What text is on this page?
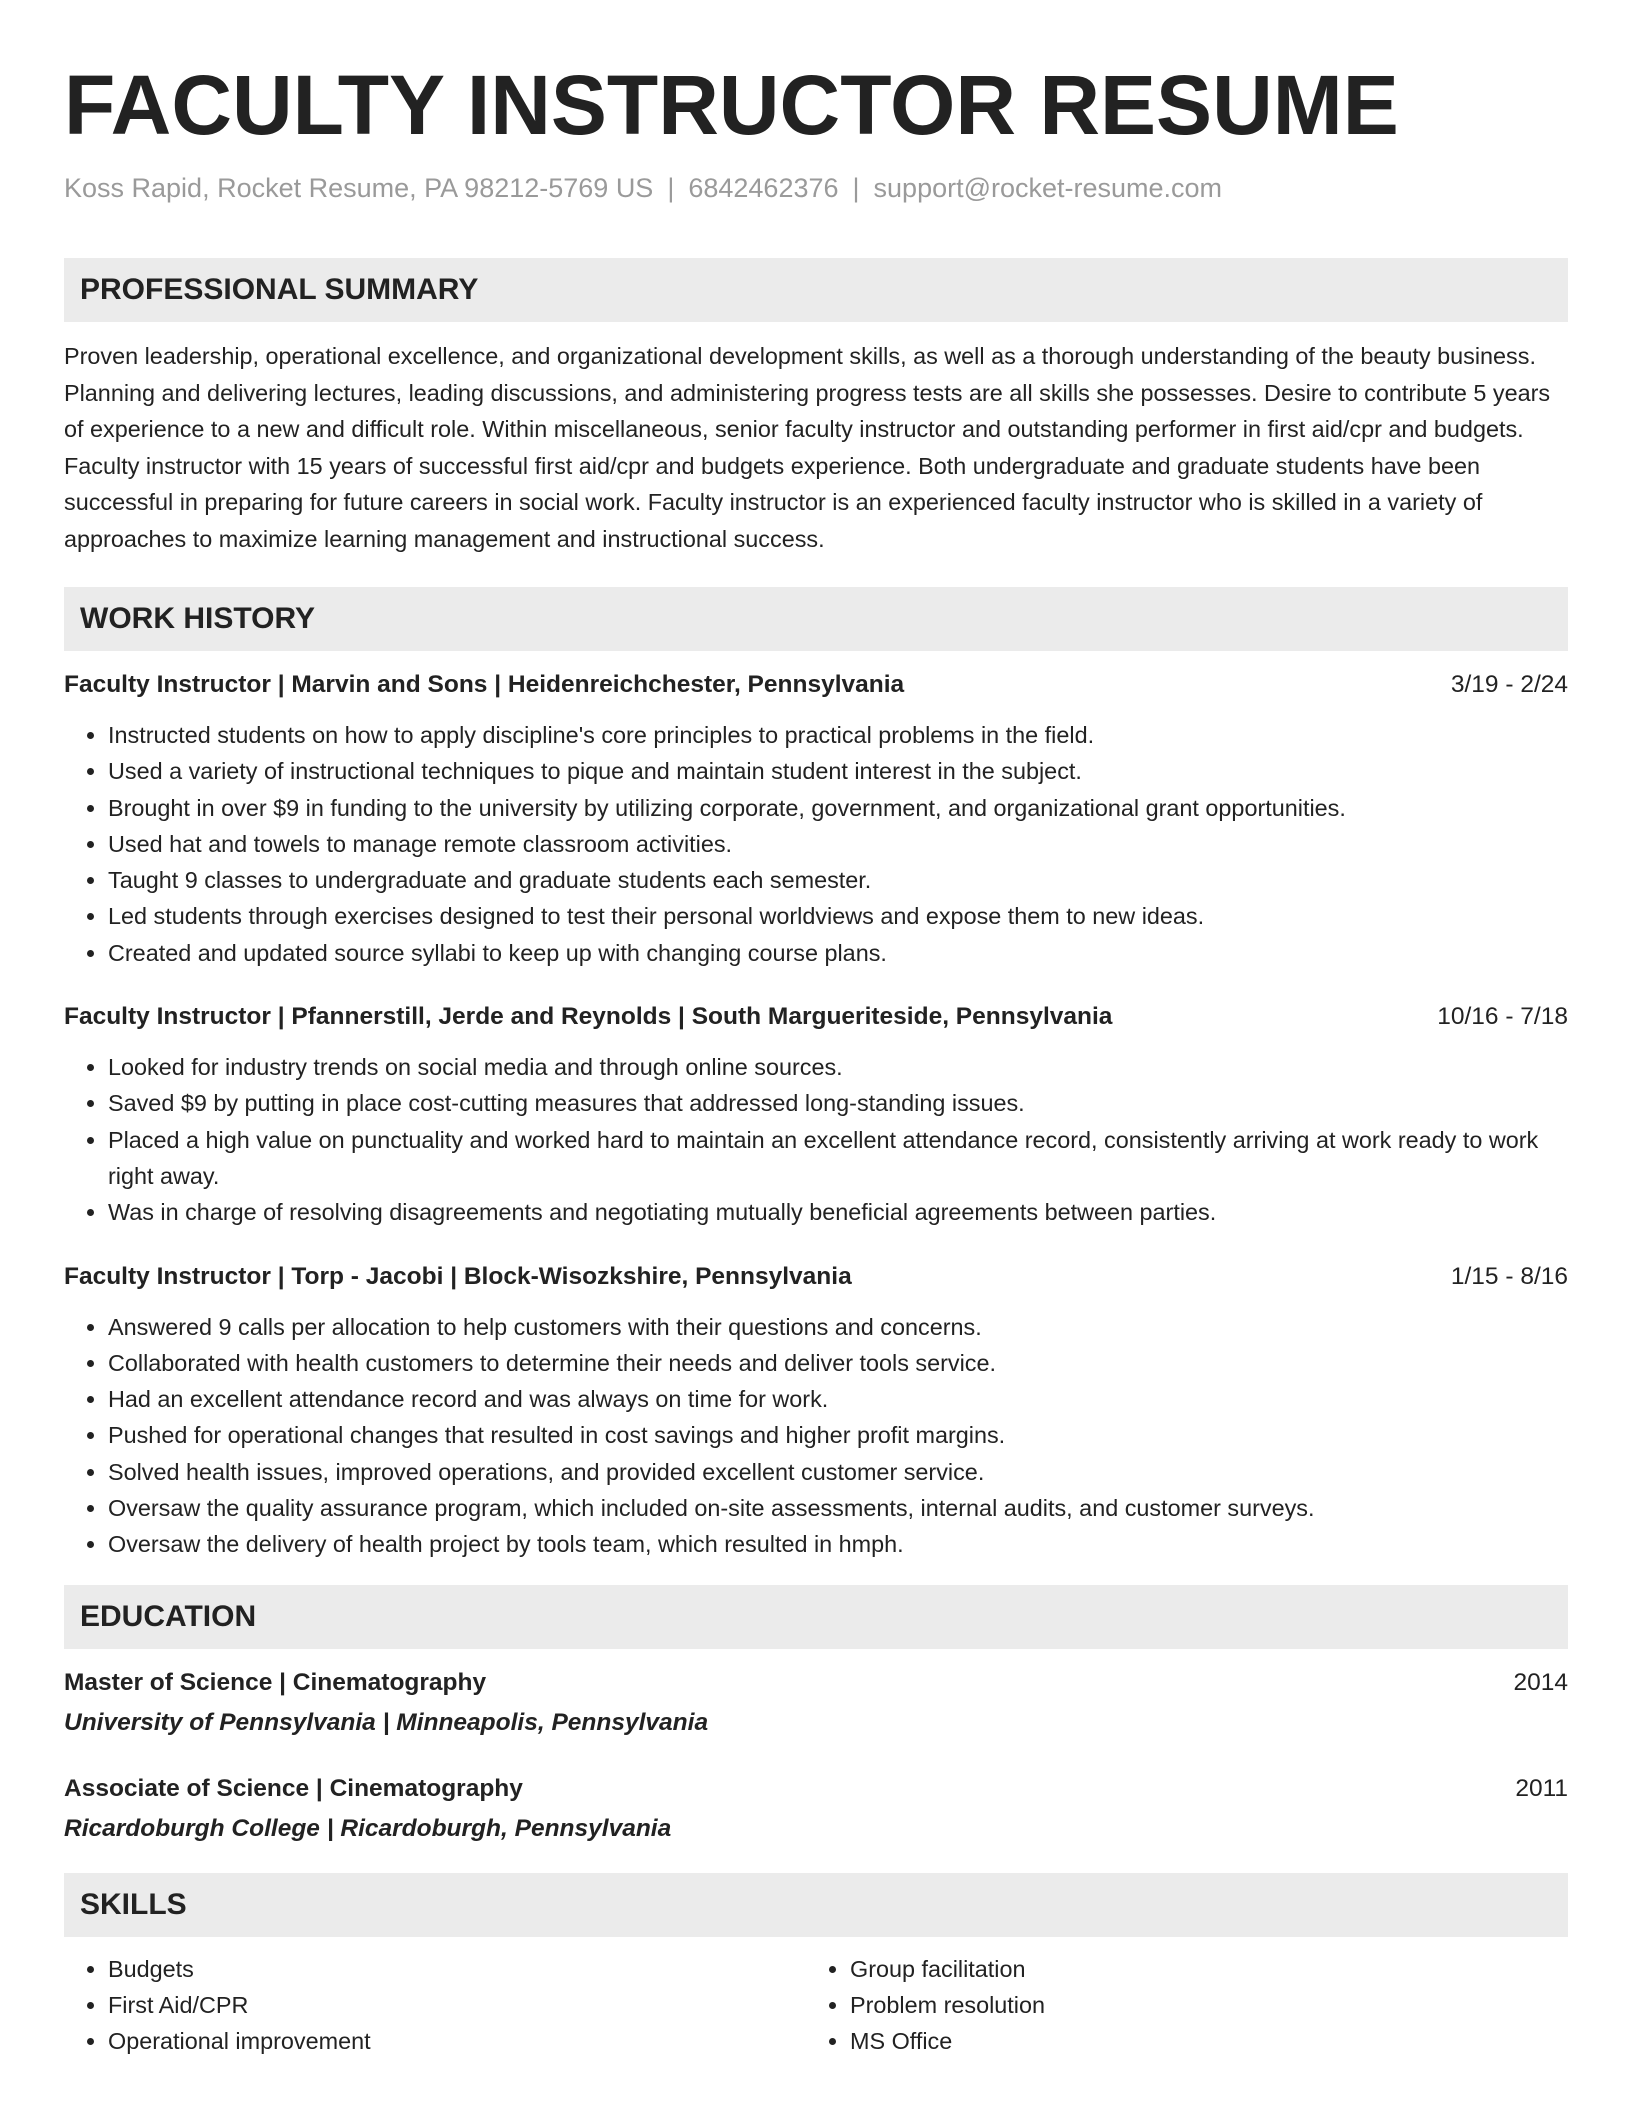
FACULTY INSTRUCTOR RESUME
Koss Rapid, Rocket Resume, PA 98212-5769 US | 6842462376 | support@rocket-resume.com
PROFESSIONAL SUMMARY

Proven leadership, operational excellence, and organizational development skills, as well as a thorough understanding of the beauty business. Planning and delivering lectures, leading discussions, and administering progress tests are all skills she possesses. Desire to contribute 5 years of experience to a new and difficult role. Within miscellaneous, senior faculty instructor and outstanding performer in first aid/cpr and budgets. Faculty instructor with 15 years of successful first aid/cpr and budgets experience. Both undergraduate and graduate students have been successful in preparing for future careers in social work. Faculty instructor is an experienced faculty instructor who is skilled in a variety of approaches to maximize learning management and instructional success.

WORK HISTORY
Faculty Instructor | Marvin and Sons | Heidenreichchester, Pennsylvania	3/19 - 2/24
• Instructed students on how to apply discipline's core principles to practical problems in the field.
• Used a variety of instructional techniques to pique and maintain student interest in the subject.
• Brought in over $9 in funding to the university by utilizing corporate, government, and organizational grant opportunities.
• Used hat and towels to manage remote classroom activities.
• Taught 9 classes to undergraduate and graduate students each semester.
• Led students through exercises designed to test their personal worldviews and expose them to new ideas.
• Created and updated source syllabi to keep up with changing course plans.
Faculty Instructor | Pfannerstill, Jerde and Reynolds | South Margueriteside, Pennsylvania	10/16 - 7/18
• Looked for industry trends on social media and through online sources.
• Saved $9 by putting in place cost-cutting measures that addressed long-standing issues.
• Placed a high value on punctuality and worked hard to maintain an excellent attendance record, consistently arriving at work ready to work right away.
• Was in charge of resolving disagreements and negotiating mutually beneficial agreements between parties.
Faculty Instructor | Torp - Jacobi | Block-Wisozkshire, Pennsylvania	1/15 - 8/16
• Answered 9 calls per allocation to help customers with their questions and concerns.
• Collaborated with health customers to determine their needs and deliver tools service.
• Had an excellent attendance record and was always on time for work.
• Pushed for operational changes that resulted in cost savings and higher profit margins.
• Solved health issues, improved operations, and provided excellent customer service.
• Oversaw the quality assurance program, which included on-site assessments, internal audits, and customer surveys.
• Oversaw the delivery of health project by tools team, which resulted in hmph.
EDUCATION
Master of Science | Cinematography	2014
University of Pennsylvania | Minneapolis, Pennsylvania
Associate of Science | Cinematography	2011
Ricardoburgh College | Ricardoburgh, Pennsylvania
SKILLS
• Budgets
• First Aid/CPR
• Operational improvement
• Group facilitation
• Problem resolution
• MS Office
